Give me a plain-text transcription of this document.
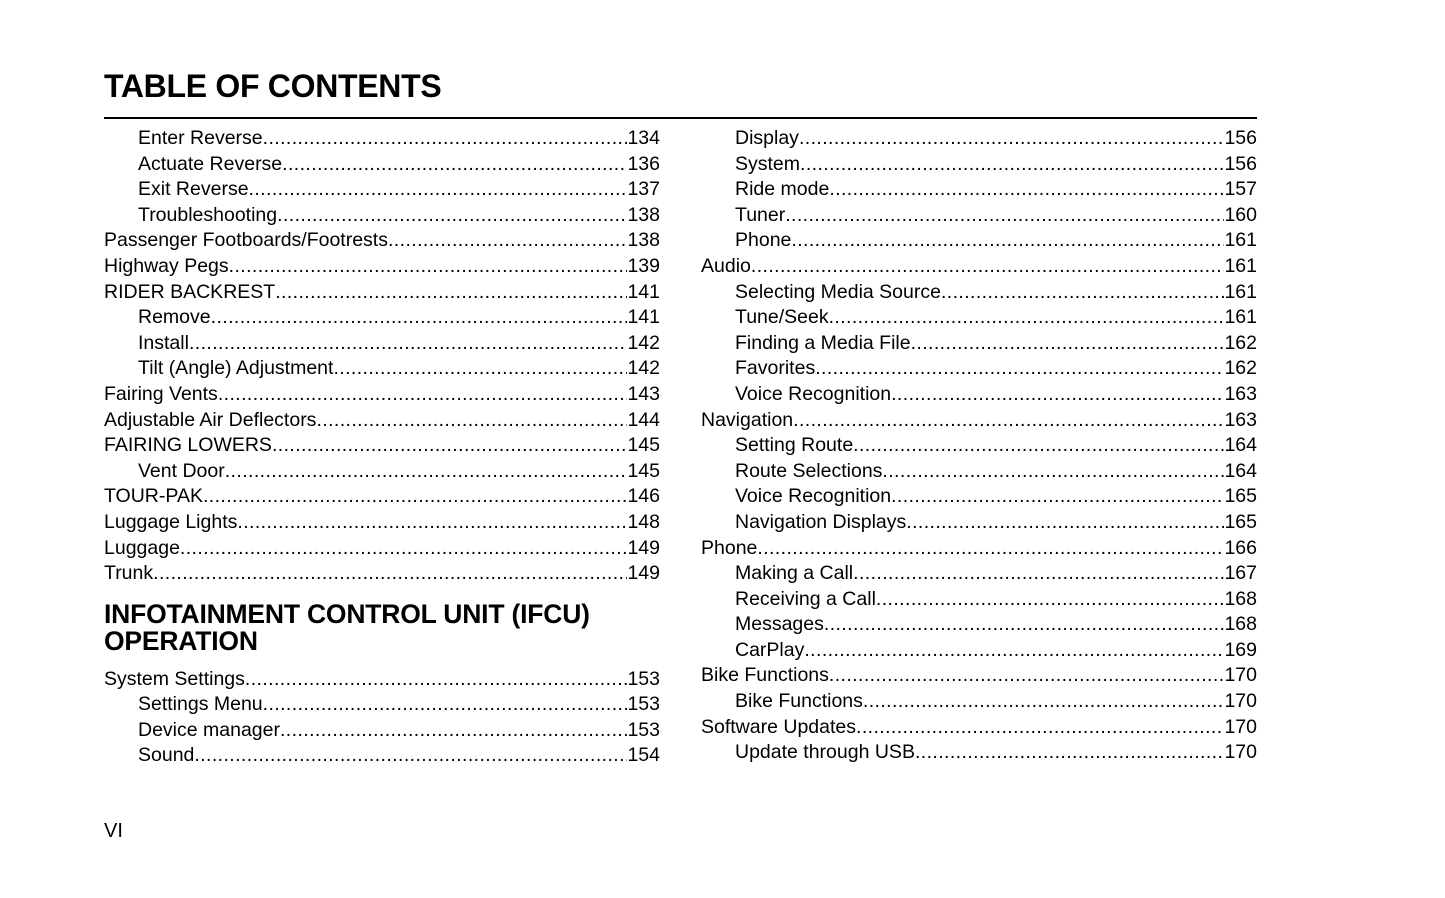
TABLE OF CONTENTS
Enter Reverse .....	134
Actuate Reverse .....	136
Exit Reverse .....	137
Troubleshooting .....	138
Passenger Footboards/Footrests .....	138
Highway Pegs .....	139
RIDER BACKREST .....	141
Remove .....	141
Install .....	142
Tilt (Angle) Adjustment .....	142
Fairing Vents .....	143
Adjustable Air Deflectors .....	144
FAIRING LOWERS .....	145
Vent Door .....	145
TOUR-PAK .....	146
Luggage Lights .....	148
Luggage .....	149
Trunk .....	149
INFOTAINMENT CONTROL UNIT (IFCU)
OPERATION
System Settings .....	153
Settings Menu .....	153
Device manager .....	153
Sound .....	154
Display .....	156
System .....	156
Ride mode .....	157
Tuner .....	160
Phone .....	161
Audio .....	161
Selecting Media Source .....	161
Tune/Seek .....	161
Finding a Media File .....	162
Favorites .....	162
Voice Recognition .....	163
Navigation .....	163
Setting Route .....	164
Route Selections .....	164
Voice Recognition .....	165
Navigation Displays .....	165
Phone .....	166
Making a Call .....	167
Receiving a Call .....	168
Messages .....	168
CarPlay .....	169
Bike Functions .....	170
Bike Functions .....	170
Software Updates .....	170
Update through USB .....	170
VI
